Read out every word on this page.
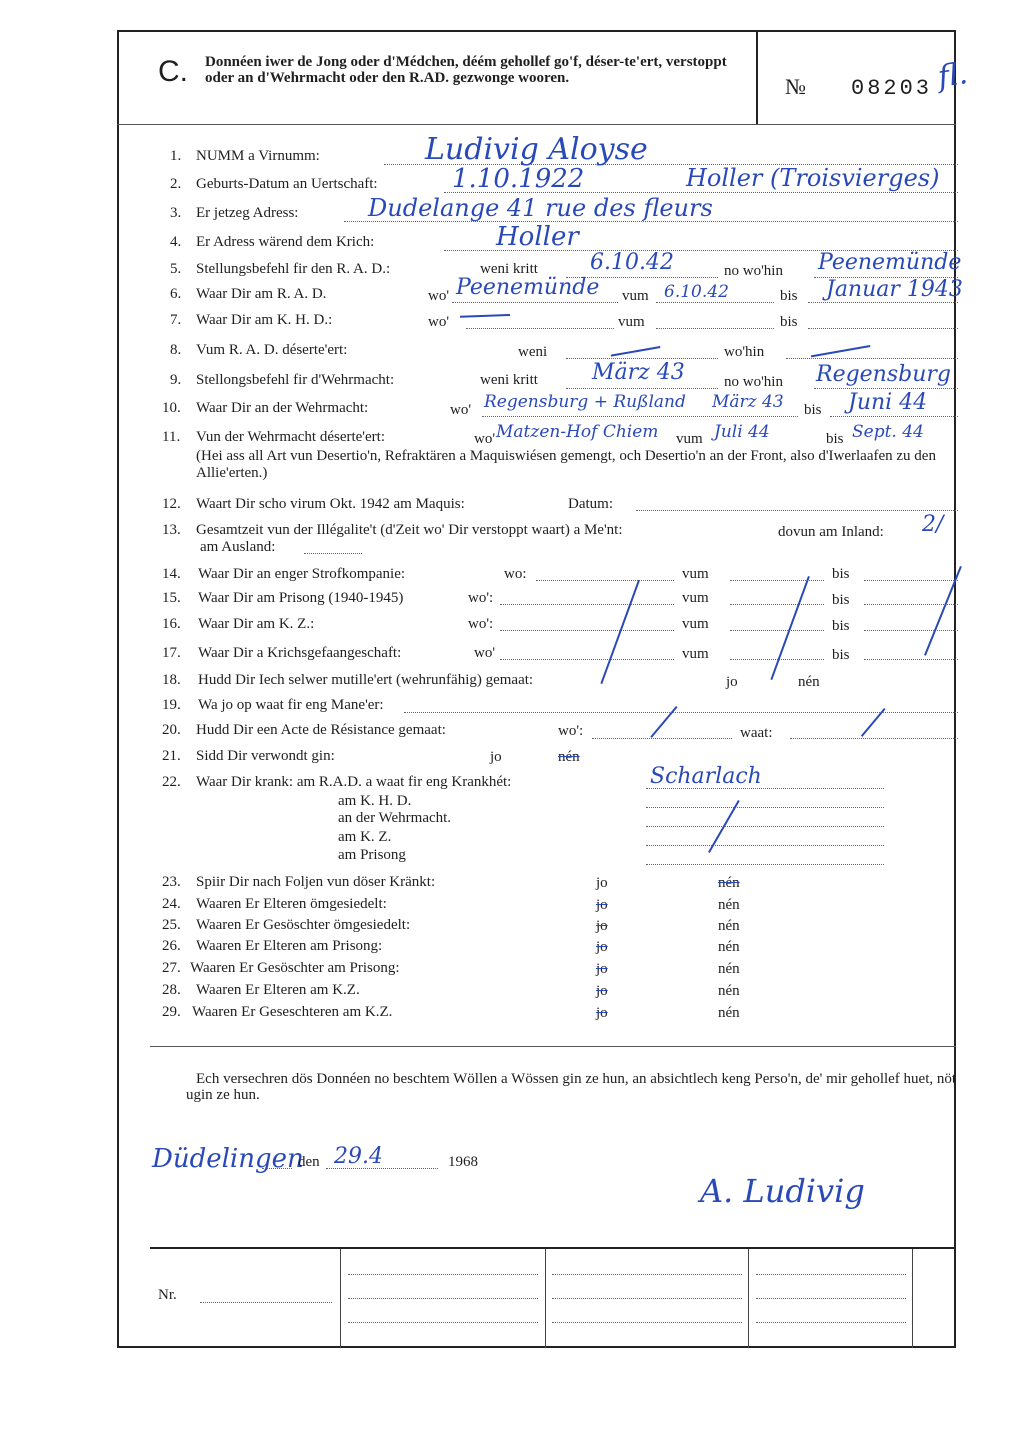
C. Donnéen iwer de Jong oder d'Médchen, déém gehollef go'f, déser-te'ert, verstoppt oder an d'Wehrmacht oder den R.AD. gezwonge wooren.	№ 08203 fl.
1. NUMM a Virnumm:	Ludivig Aloyse
2. Geburts-Datum an Uertschaft:	1.10.1922	Holler (Troisvierges)
3. Er jetzeg Adress:	Dudelange 41 rue des fleurs
4. Er Adress wärend dem Krich:	Holler
5. Stellungsbefehl fir den R. A. D.:	weni kritt 6.10.42	no wo'hin Peenemünde
6. Waar Dir am R. A. D.	wo' Peenemünde vum 6.10.42	bis Januar 1943
7. Waar Dir am K. H. D.:	wo'	vum	bis
8. Vum R. A. D. déserte'ert:	weni	wo'hin
9. Stellongsbefehl fir d'Wehrmacht:	weni kritt März 43	no wo'hin Regensburg
10. Waar Dir an der Wehrmacht:	wo' Regensburg + Rußland März 43 bis Juni 44
11. Vun der Wehrmacht déserte'ert:	wo' Matzen-Hof Chiem vum Juli 44	bis Sept. 44
(Hei ass all Art vun Desertio'n, Refraktären a Maquiswiésen gemengt, och Desertio'n an der Front, also d'Iwerlaafen zu den Allie'erten.)
12. Waart Dir scho virum Okt. 1942 am Maquis:	Datum:
13. Gesamtzeit vun der Illégalite't (d'Zeit wo' Dir verstoppt waart) a Me'nt:	dovun am Inland: 2/
am Ausland:
14. Waar Dir an enger Strofkompanie:	wo:	vum	bis
15. Waar Dir am Prisong (1940-1945)	wo':	vum	bis
16. Waar Dir am K. Z.:	wo':	vum	bis
17. Waar Dir a Krichsgefaangeschaft:	wo'	vum	bis
18. Hudd Dir Iech selwer mutille'ert (wehrunfähig) gemaat:	jo	nén
19. Wa jo op waat fir eng Mane'er:
20. Hudd Dir een Acte de Résistance gemaat:	wo':	waat:
21. Sidd Dir verwondt gin:	jo	nén
22. Waar Dir krank: am R.A.D. a waat fir eng Krankhét:	Scharlach
am K. H. D.
an der Wehrmacht.
am K. Z.
am Prisong
23. Spiir Dir nach Foljen vun döser Kränkt:	jo	nén
24. Waaren Er Elteren ömgesiedelt:	jo	nén
25. Waaren Er Gesöschter ömgesiedelt:	jo	nén
26. Waaren Er Elteren am Prisong:	jo	nén
27. Waaren Er Gesöschter am Prisong:	jo	nén
28. Waaren Er Elteren am K.Z.	jo	nén
29. Waaren Er Geseschteren am K.Z.	jo	nén
Ech versechren dös Donnéen no beschtem Wöllen a Wössen gin ze hun, an absichtlech keng Perso'n, de' mir gehollef huet, nöt ugin ze hun.
Düdelingen
den 29.4	1968
A. Ludivig
Nr.
